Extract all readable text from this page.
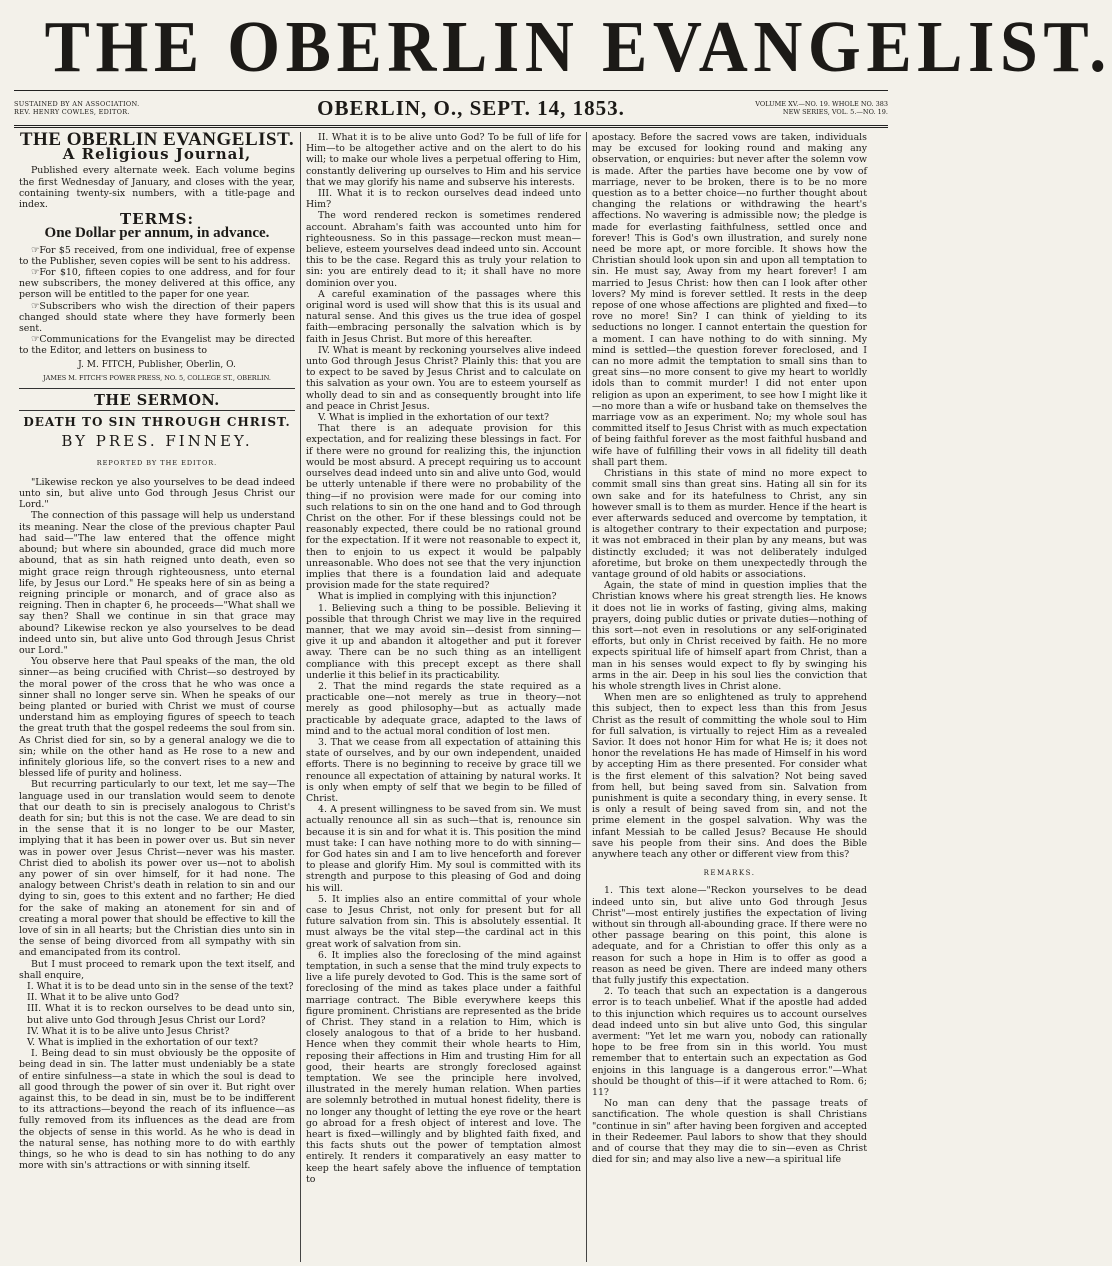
THE OBERLIN EVANGELIST.
SUSTAINED BY AN ASSOCIATION.
REV. HENRY COWLES, EDITOR.	OBERLIN, O., SEPT. 14, 1853.	VOLUME XV.—NO. 19. WHOLE NO. 383
NEW SERIES, VOL. 5.—NO. 19.
THE OBERLIN EVANGELIST.
A Religious Journal,

Published every alternate week. Each volume begins the first Wednesday of January, and closes with the year, containing twenty-six numbers, with a title-page and index.

TERMS:
One Dollar per annum, in advance.

☞For $5 received, from one individual, free of expense to the Publisher, seven copies will be sent to his address.

☞For $10, fifteen copies to one address, and for four new subscribers, the money delivered at this office, any person will be entitled to the paper for one year.

☞Subscribers who wish the direction of their papers changed should state where they have formerly been sent.

☞Communications for the Evangelist may be directed to the Editor, and letters on business to

J. M. FITCH, Publisher, Oberlin, O.
JAMES M. FITCH'S POWER PRESS, NO. 5, COLLEGE ST., OBERLIN.
THE SERMON.
DEATH TO SIN THROUGH CHRIST.
BY PRES. FINNEY.
REPORTED BY THE EDITOR.

"Likewise reckon ye also yourselves to be dead indeed unto sin, but alive unto God through Jesus Christ our Lord."

The connection of this passage will help us understand its meaning. Near the close of the previous chapter Paul had said—"The law entered that the offence might abound; but where sin abounded, grace did much more abound, that as sin hath reigned unto death, even so might grace reign through righteousness, unto eternal life, by Jesus our Lord." He speaks here of sin as being a reigning principle or monarch, and of grace also as reigning. Then in chapter 6, he proceeds—"What shall we say then? Shall we continue in sin that grace may abound? Likewise reckon ye also yourselves to be dead indeed unto sin, but alive unto God through Jesus Christ our Lord."

You observe here that Paul speaks of the man, the old sinner—as being crucified with Christ—so destroyed by the moral power of the cross that he who was once a sinner shall no longer serve sin. When he speaks of our being planted or buried with Christ we must of course understand him as employing figures of speech to teach the great truth that the gospel redeems the soul from sin. As Christ died for sin, so by a general analogy we die to sin; while on the other hand as He rose to a new and infinitely glorious life, so the convert rises to a new and blessed life of purity and holiness.

But recurring particularly to our text, let me say—The language used in our translation would seem to denote that our death to sin is precisely analogous to Christ's death for sin; but this is not the case. We are dead to sin in the sense that it is no longer to be our Master, implying that it has been in power over us. But sin never was in power over Jesus Christ—never was his master. Christ died to abolish its power over us—not to abolish any power of sin over himself, for it had none. The analogy between Christ's death in relation to sin and our dying to sin, goes to this extent and no farther; He died for the sake of making an atonement for sin and of creating a moral power that should be effective to kill the love of sin in all hearts; but the Christian dies unto sin in the sense of being divorced from all sympathy with sin and emancipated from its control.

But I must proceed to remark upon the text itself, and shall enquire,

I. What it is to be dead unto sin in the sense of the text?

II. What it to be alive unto God?

III. What it is to reckon ourselves to be dead unto sin, but alive unto God through Jesus Christ our Lord?

IV. What it is to be alive unto Jesus Christ?

V. What is implied in the exhortation of our text?

I. Being dead to sin must obviously be the opposite of being dead in sin. The latter must undeniably be a state of entire sinfulness—a state in which the soul is dead to all good through the power of sin over it. But right over against this, to be dead in sin, must be to be indifferent to its attractions—beyond the reach of its influence—as fully removed from its influences as the dead are from the objects of sense in this world. As he who is dead in the natural sense, has nothing more to do with earthly things, so he who is dead to sin has nothing to do any more with sin's attractions or with sinning itself.

II. What it is to be alive unto God? To be full of life for Him—to be altogether active and on the alert to do his will; to make our whole lives a perpetual offering to Him, constantly delivering up ourselves to Him and his service that we may glorify his name and subserve his interests.

III. What it is to reckon ourselves dead indeed unto Him?

The word rendered reckon is sometimes rendered account. Abraham's faith was accounted unto him for righteousness. So in this passage—reckon must mean—believe, esteem yourselves dead indeed unto sin. Account this to be the case. Regard this as truly your relation to sin: you are entirely dead to it; it shall have no more dominion over you.

A careful examination of the passages where this original word is used will show that this is its usual and natural sense. And this gives us the true idea of gospel faith—embracing personally the salvation which is by faith in Jesus Christ. But more of this hereafter.

IV. What is meant by reckoning yourselves alive indeed unto God through Jesus Christ? Plainly this: that you are to expect to be saved by Jesus Christ and to calculate on this salvation as your own. You are to esteem yourself as wholly dead to sin and as consequently brought into life and peace in Christ Jesus.

V. What is implied in the exhortation of our text?

That there is an adequate provision for this expectation, and for realizing these blessings in fact. For if there were no ground for realizing this, the injunction would be most absurd. A precept requiring us to account ourselves dead indeed unto sin and alive unto God, would be utterly untenable if there were no probability of the thing—if no provision were made for our coming into such relations to sin on the one hand and to God through Christ on the other. For if these blessings could not be reasonably expected, there could be no rational ground for the expectation. If it were not reasonable to expect it, then to enjoin to us expect it would be palpably unreasonable. Who does not see that the very injunction implies that there is a foundation laid and adequate provision made for the state required?

What is implied in complying with this injunction?

1. Believing such a thing to be possible. Believing it possible that through Christ we may live in the required manner, that we may avoid sin—desist from sinning—give it up and abandon it altogether and put it forever away. There can be no such thing as an intelligent compliance with this precept except as there shall underlie it this belief in its practicability.

2. That the mind regards the state required as a practicable one—not merely as true in theory—not merely as good philosophy—but as actually made practicable by adequate grace, adapted to the laws of mind and to the actual moral condition of lost men.

3. That we cease from all expectation of attaining this state of ourselves, and by our own independent, unaided efforts. There is no beginning to receive by grace till we renounce all expectation of attaining by natural works. It is only when empty of self that we begin to be filled of Christ.

4. A present willingness to be saved from sin. We must actually renounce all sin as such—that is, renounce sin because it is sin and for what it is. This position the mind must take: I can have nothing more to do with sinning—for God hates sin and I am to live henceforth and forever to please and glorify Him. My soul is committed with its strength and purpose to this pleasing of God and doing his will.

5. It implies also an entire committal of your whole case to Jesus Christ, not only for present but for all future salvation from sin. This is absolutely essential. It must always be the vital step—the cardinal act in this great work of salvation from sin.

6. It implies also the foreclosing of the mind against temptation, in such a sense that the mind truly expects to live a life purely devoted to God. This is the same sort of foreclosing of the mind as takes place under a faithful marriage contract. The Bible everywhere keeps this figure prominent. Christians are represented as the bride of Christ. They stand in a relation to Him, which is closely analogous to that of a bride to her husband. Hence when they commit their whole hearts to Him, reposing their affections in Him and trusting Him for all good, their hearts are strongly foreclosed against temptation. We see the principle here involved, illustrated in the merely human relation. When parties are solemnly betrothed in mutual honest fidelity, there is no longer any thought of letting the eye rove or the heart go abroad for a fresh object of interest and love. The heart is fixed—willingly and by blighted faith fixed, and this facts shuts out the power of temptation almost entirely. It renders it comparatively an easy matter to keep the heart safely above the influence of temptation to

apostacy. Before the sacred vows are taken, individuals may be excused for looking round and making any observation, or enquiries: but never after the solemn vow is made. After the parties have become one by vow of marriage, never to be broken, there is to be no more question as to a better choice—no further thought about changing the relations or withdrawing the heart's affections. No wavering is admissible now; the pledge is made for everlasting faithfulness, settled once and forever! This is God's own illustration, and surely none need be more apt, or more forcible. It shows how the Christian should look upon sin and upon all temptation to sin. He must say, Away from my heart forever! I am married to Jesus Christ: how then can I look after other lovers? My mind is forever settled. It rests in the deep repose of one whose affections are plighted and fixed—to rove no more! Sin? I can think of yielding to its seductions no longer. I cannot entertain the question for a moment. I can have nothing to do with sinning. My mind is settled—the question forever foreclosed, and I can no more admit the temptation to small sins than to great sins—no more consent to give my heart to worldly idols than to commit murder! I did not enter upon religion as upon an experiment, to see how I might like it—no more than a wife or husband take on themselves the marriage vow as an experiment. No; my whole soul has committed itself to Jesus Christ with as much expectation of being faithful forever as the most faithful husband and wife have of fulfilling their vows in all fidelity till death shall part them.

Christians in this state of mind no more expect to commit small sins than great sins. Hating all sin for its own sake and for its hatefulness to Christ, any sin however small is to them as murder. Hence if the heart is ever afterwards seduced and overcome by temptation, it is altogether contrary to their expectation and purpose; it was not embraced in their plan by any means, but was distinctly excluded; it was not deliberately indulged aforetime, but broke on them unexpectedly through the vantage ground of old habits or associations.

Again, the state of mind in question implies that the Christian knows where his great strength lies. He knows it does not lie in works of fasting, giving alms, making prayers, doing public duties or private duties—nothing of this sort—not even in resolutions or any self-originated efforts, but only in Christ received by faith. He no more expects spiritual life of himself apart from Christ, than a man in his senses would expect to fly by swinging his arms in the air. Deep in his soul lies the conviction that his whole strength lives in Christ alone.

When men are so enlightened as truly to apprehend this subject, then to expect less than this from Jesus Christ as the result of committing the whole soul to Him for full salvation, is virtually to reject Him as a revealed Savior. It does not honor Him for what He is; it does not honor the revelations He has made of Himself in his word by accepting Him as there presented. For consider what is the first element of this salvation? Not being saved from hell, but being saved from sin. Salvation from punishment is quite a secondary thing, in every sense. It is only a result of being saved from sin, and not the prime element in the gospel salvation. Why was the infant Messiah to be called Jesus? Because He should save his people from their sins. And does the Bible anywhere teach any other or different view from this?

REMARKS.

1. This text alone—"Reckon yourselves to be dead indeed unto sin, but alive unto God through Jesus Christ"—most entirely justifies the expectation of living without sin through all-abounding grace. If there were no other passage bearing on this point, this alone is adequate, and for a Christian to offer this only as a reason for such a hope in Him is to offer as good a reason as need be given. There are indeed many others that fully justify this expectation.

2. To teach that such an expectation is a dangerous error is to teach unbelief. What if the apostle had added to this injunction which requires us to account ourselves dead indeed unto sin but alive unto God, this singular averment: "Yet let me warn you, nobody can rationally hope to be free from sin in this world. You must remember that to entertain such an expectation as God enjoins in this language is a dangerous error."—What should be thought of this—if it were attached to Rom. 6; 11?

No man can deny that the passage treats of sanctification. The whole question is shall Christians "continue in sin" after having been forgiven and accepted in their Redeemer. Paul labors to show that they should and of course that they may die to sin—even as Christ died for sin; and may also live a new—a spiritual life
